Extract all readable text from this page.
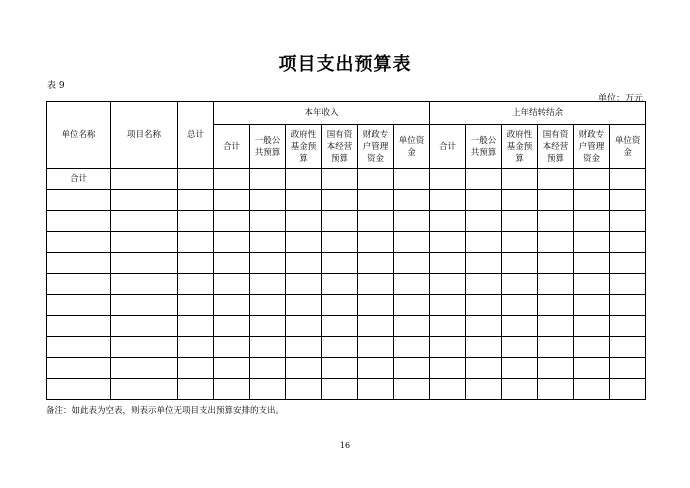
项目支出预算表
表 9
单位：万元
单位名称	项目名称	总计	本年收入						上年结转结余					
			合计	一般公共预算	政府性基金预算	国有资本经营预算	财政专户管理资金	单位资金	合计	一般公共预算	政府性基金预算	国有资本经营预算	财政专户管理资金	单位资金
合计														

备注：如此表为空表，则表示单位无项目支出预算安排的支出。
16
